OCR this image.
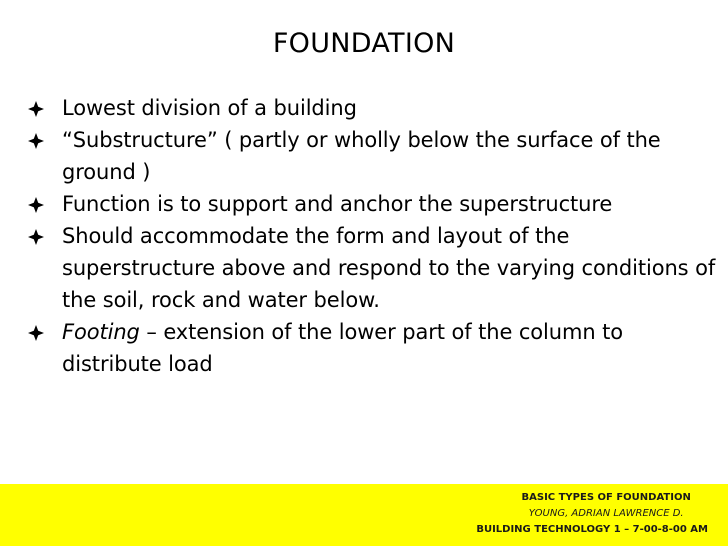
FOUNDATION
Lowest division of a building
“Substructure” ( partly or wholly below the surface of the ground )
Function is to support and anchor the superstructure
Should accommodate the form and layout of the superstructure above and respond to the varying conditions of the soil, rock and water below.
Footing – extension of the lower part of the column to distribute load
BASIC TYPES OF FOUNDATION
YOUNG, ADRIAN LAWRENCE D.
BUILDING TECHNOLOGY 1 – 7-00-8-00 AM
